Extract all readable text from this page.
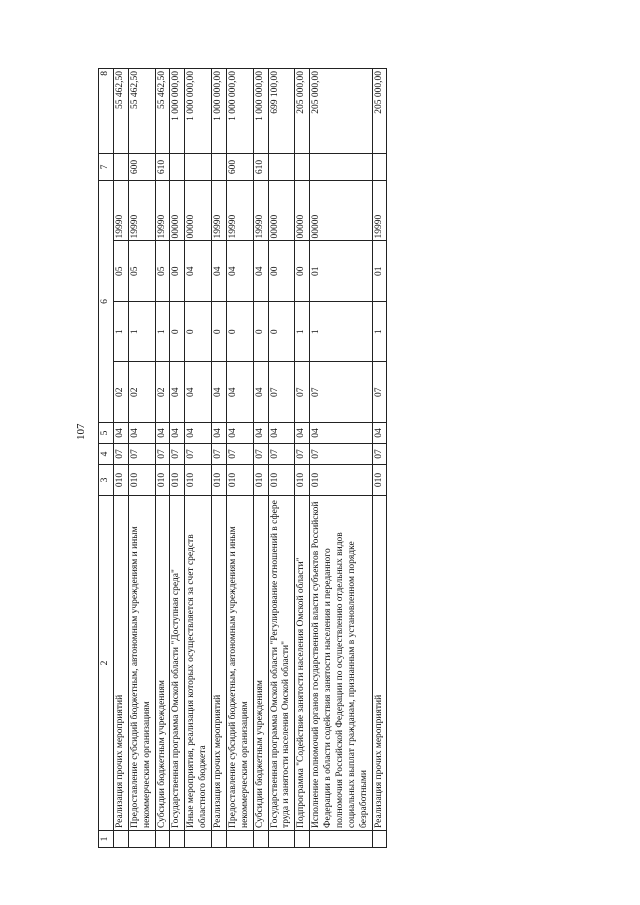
107
1	2	3	4	5	6				7	8
	Реализация прочих мероприятий	010	07	04	02	1	05	19990		55 462,50
	Предоставление субсидий бюджетным, автономным учреждениям и иным некоммерческим организациям	010	07	04	02	1	05	19990	600	55 462,50
	Субсидии бюджетным учреждениям	010	07	04	02	1	05	19990	610	55 462,50
	Государственная программа Омской области "Доступная среда"	010	07	04	04	0	00	00000		1 000 000,00
	Иные мероприятия, реализация которых осуществляется за счет средств областного бюджета	010	07	04	04	0	04	00000		1 000 000,00
	Реализация прочих мероприятий	010	07	04	04	0	04	19990		1 000 000,00
	Предоставление субсидий бюджетным, автономным учреждениям и иным некоммерческим организациям	010	07	04	04	0	04	19990	600	1 000 000,00
	Субсидии бюджетным учреждениям	010	07	04	04	0	04	19990	610	1 000 000,00
	Государственная программа Омской области "Регулирование отношений в сфере труда и занятости населения Омской области"	010	07	04	07	0	00	00000		699 100,00
	Подпрограмма "Содействие занятости населения Омской области"	010	07	04	07	1	00	00000		205 000,00
	Исполнение полномочий органов государственной власти субъектов Российской Федерации в области содействия занятости населения и переданного полномочия Российской Федерации по осуществлению отдельных видов социальных выплат гражданам, признанным в установленном порядке безработными	010	07	04	07	1	01	00000		205 000,00
	Реализация прочих мероприятий	010	07	04	07	1	01	19990		205 000,00
